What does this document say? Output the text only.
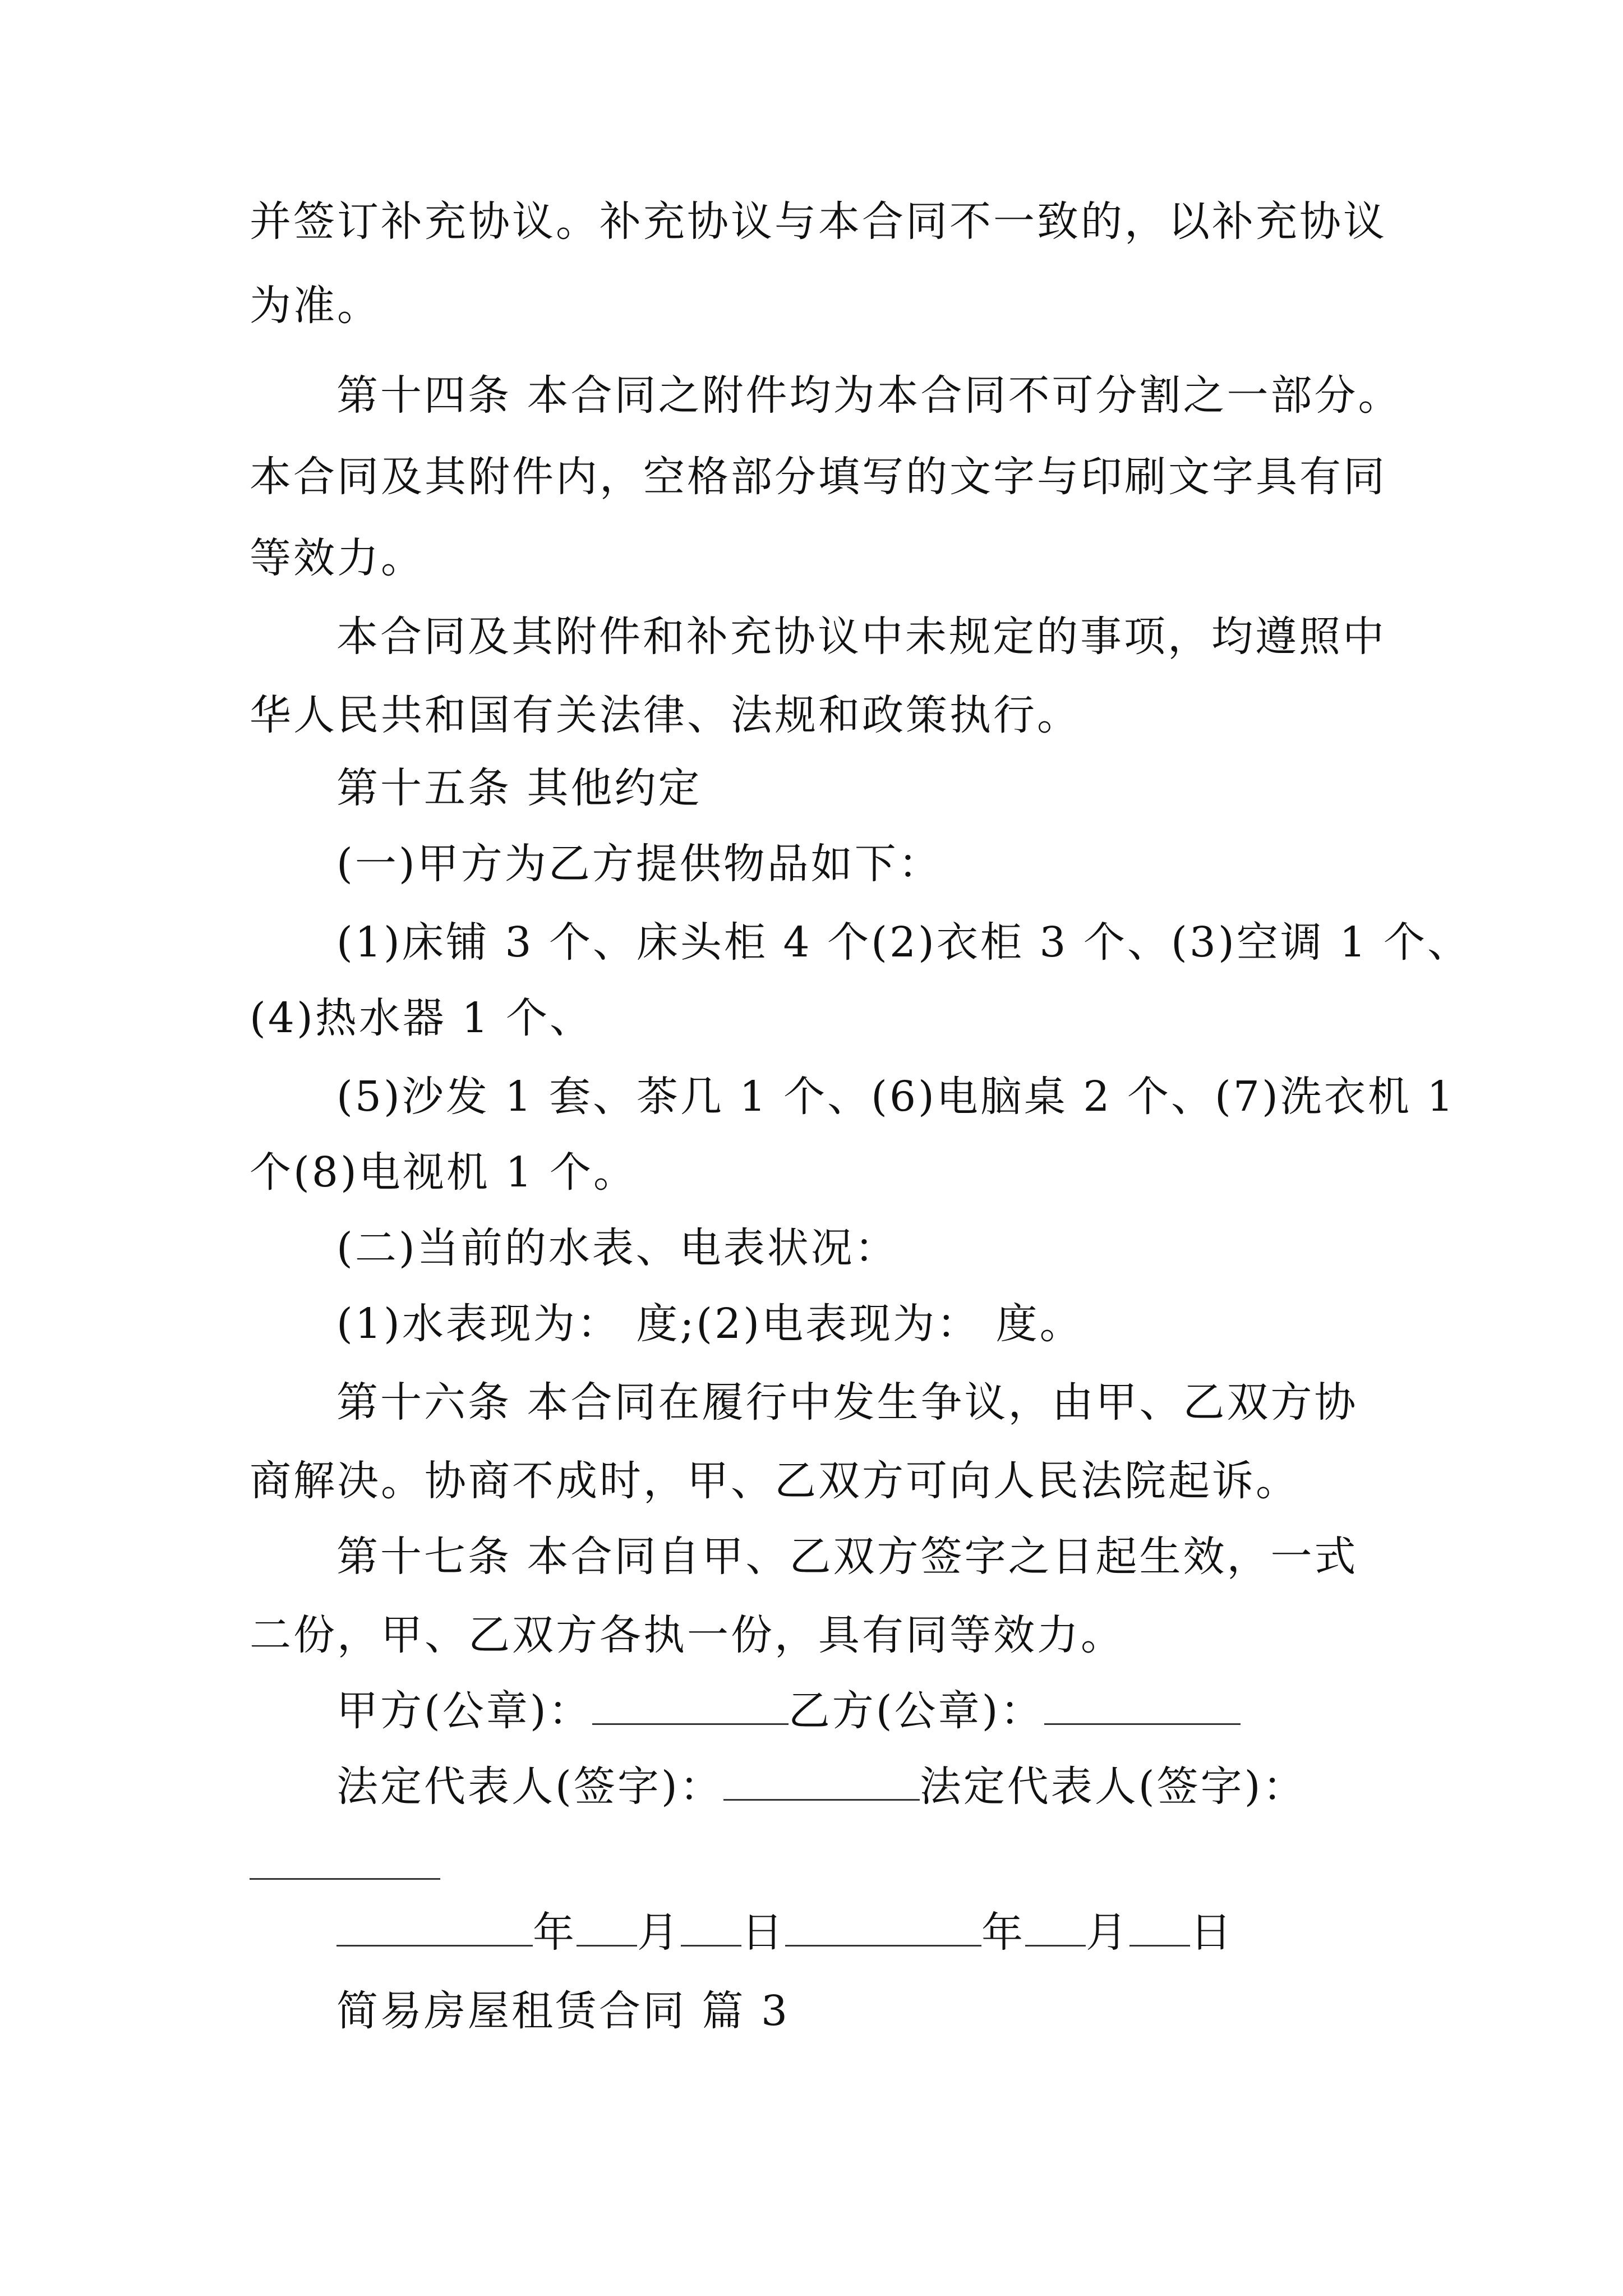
并签订补充协议。补充协议与本合同不一致的，以补充协议
为准。
第十四条 本合同之附件均为本合同不可分割之一部分。
本合同及其附件内，空格部分填写的文字与印刷文字具有同
等效力。
本合同及其附件和补充协议中未规定的事项，均遵照中
华人民共和国有关法律、法规和政策执行。
第十五条 其他约定
(一)甲方为乙方提供物品如下：
(1)床铺 3 个、床头柜 4 个(2)衣柜 3 个、(3)空调 1 个、
(4)热水器 1 个、
(5)沙发 1 套、茶几 1 个、(6)电脑桌 2 个、(7)洗衣机 1
个(8)电视机 1 个。
(二)当前的水表、电表状况：
(1)水表现为： 度;(2)电表现为： 度。
第十六条 本合同在履行中发生争议，由甲、乙双方协
商解决。协商不成时，甲、乙双方可向人民法院起诉。
第十七条 本合同自甲、乙双方签字之日起生效，一式
二份，甲、乙双方各执一份，具有同等效力。
甲方(公章)：	乙方(公章)：
法定代表人(签字)：	法定代表人(签字)：
年 月 日	年 月 日
简易房屋租赁合同 篇 3
